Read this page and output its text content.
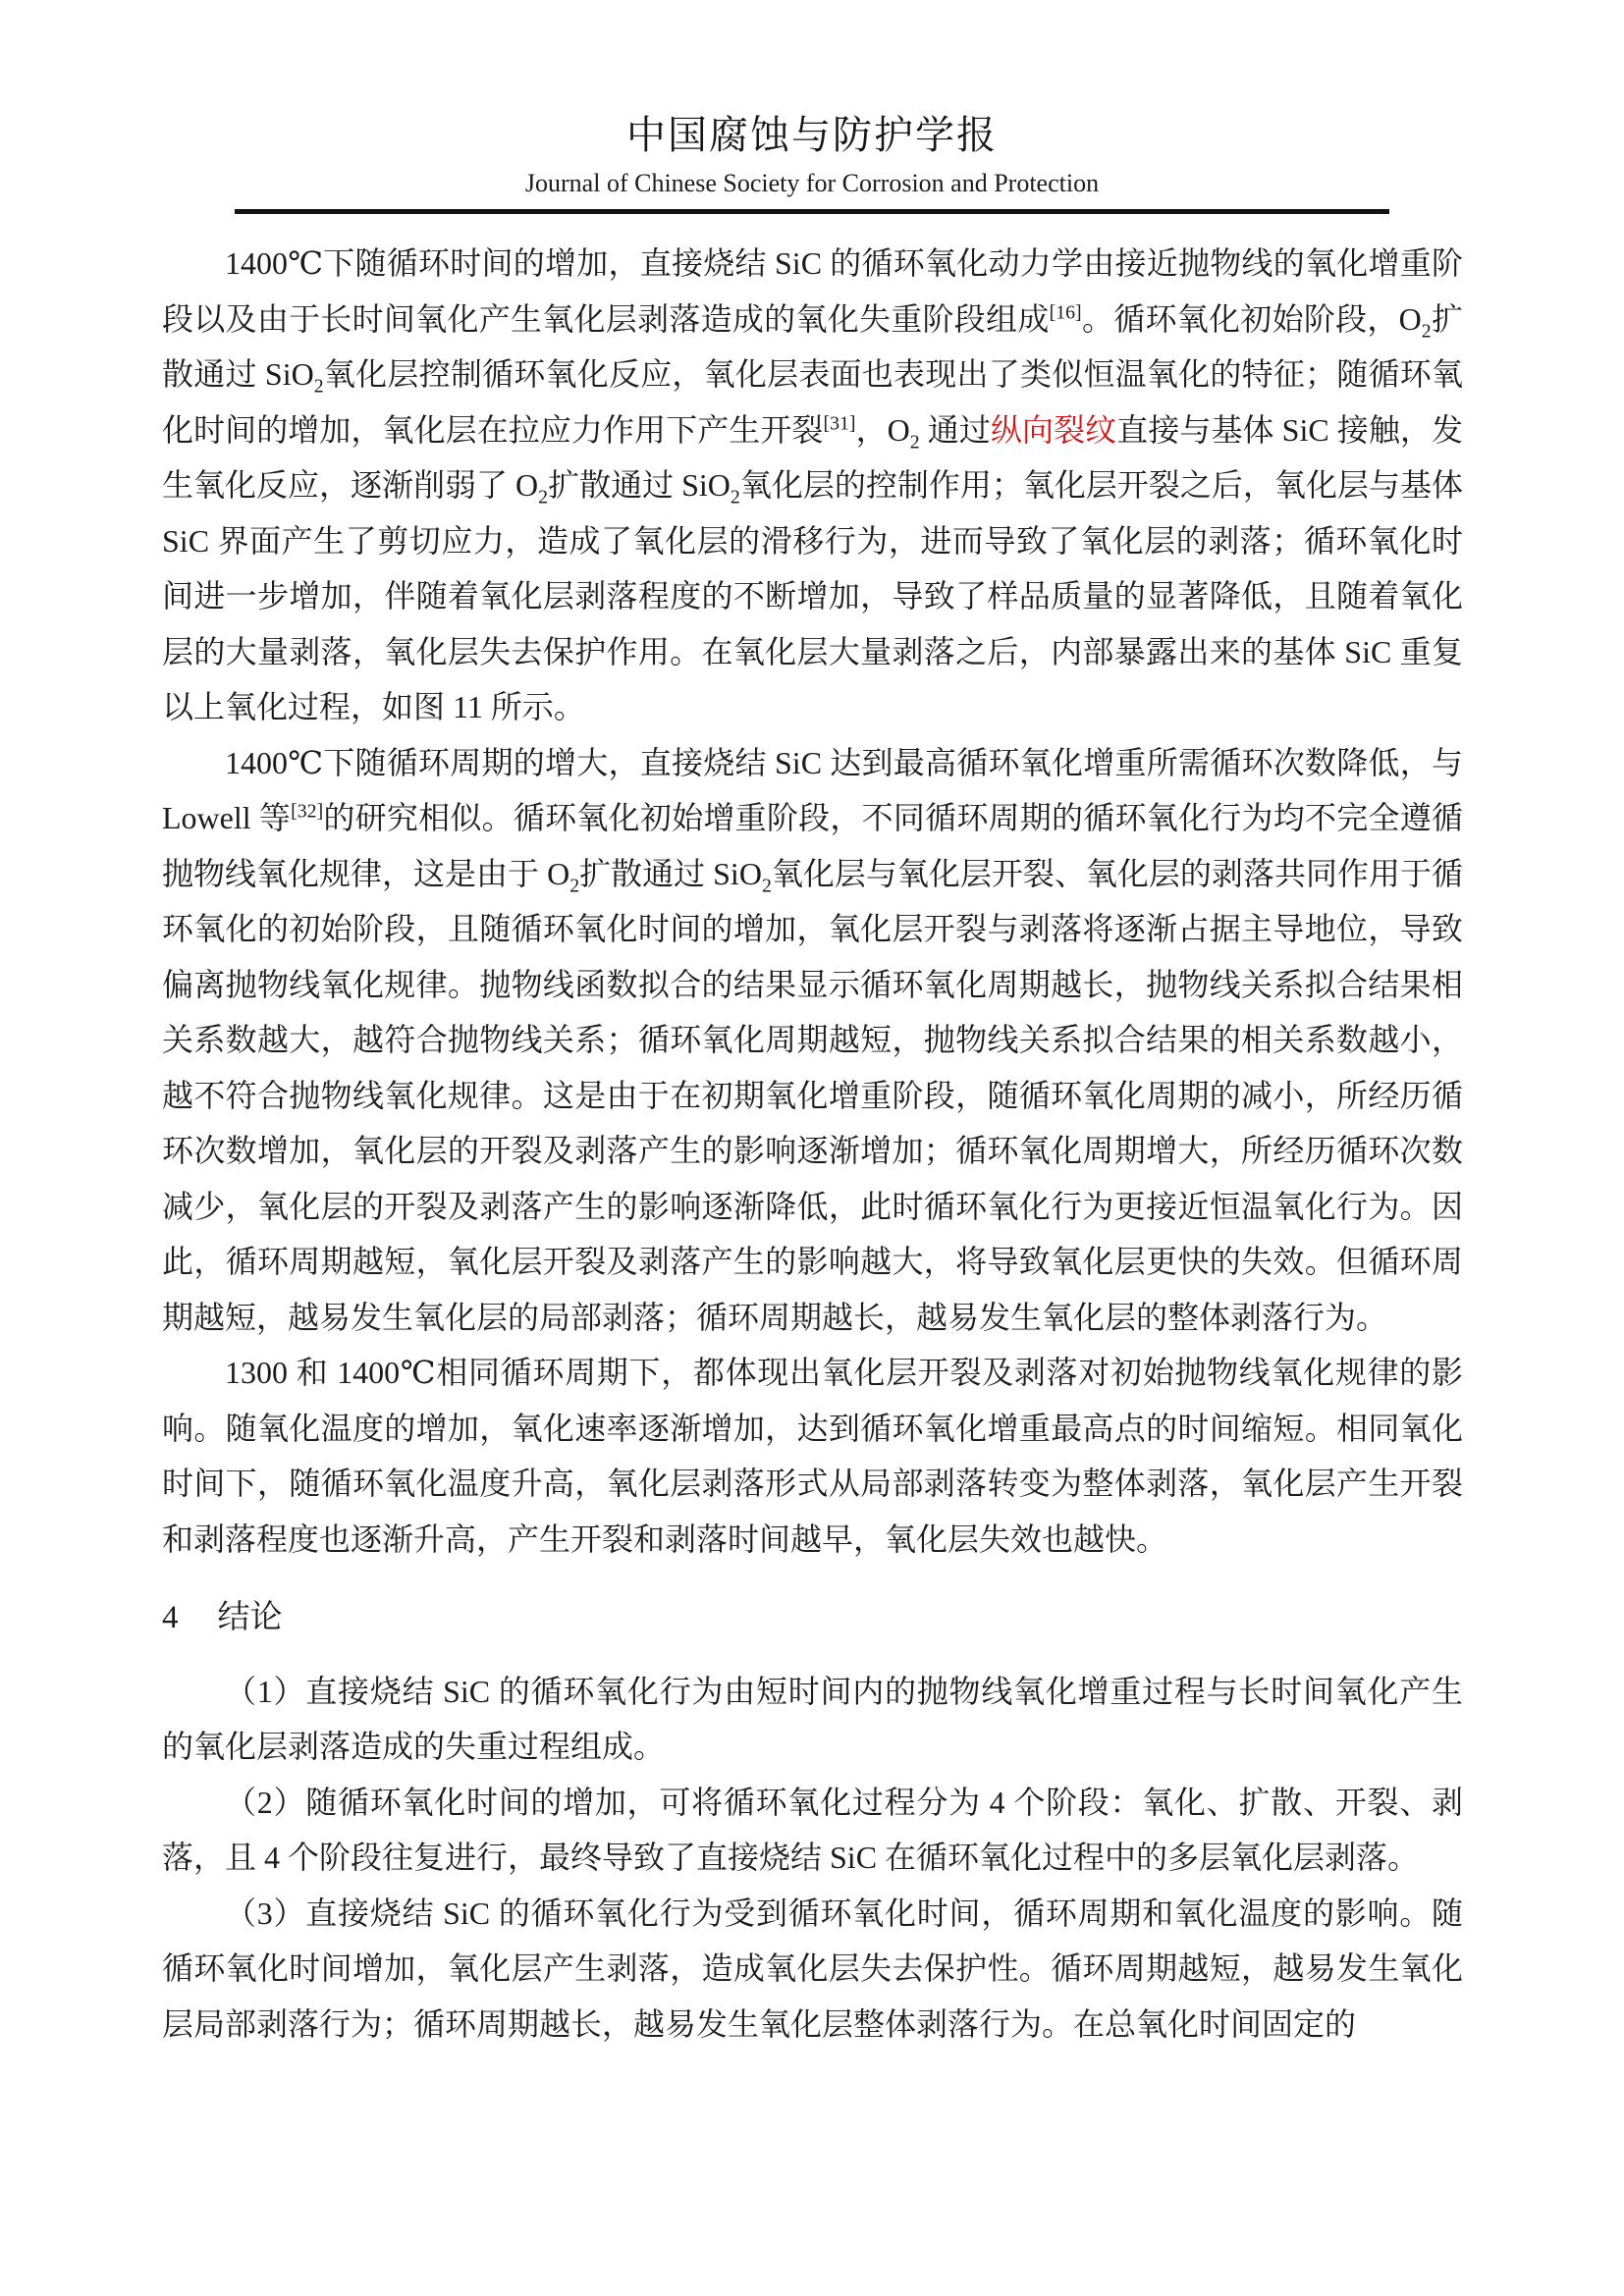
中国腐蚀与防护学报
Journal of Chinese Society for Corrosion and Protection

1400℃下随循环时间的增加，直接烧结 SiC 的循环氧化动力学由接近抛物线的氧化增重阶段以及由于长时间氧化产生氧化层剥落造成的氧化失重阶段组成[16]。循环氧化初始阶段，$O_2$扩散通过 SiO$_2$氧化层控制循环氧化反应，氧化层表面也表现出了类似恒温氧化的特征；随循环氧化时间的增加，氧化层在拉应力作用下产生开裂[31]，$O_2$ 通过纵向裂纹直接与基体 SiC 接触，发生氧化反应，逐渐削弱了 $O_2$扩散通过 SiO$_2$氧化层的控制作用；氧化层开裂之后，氧化层与基体 SiC 界面产生了剪切应力，造成了氧化层的滑移行为，进而导致了氧化层的剥落；循环氧化时间进一步增加，伴随着氧化层剥落程度的不断增加，导致了样品质量的显著降低，且随着氧化层的大量剥落，氧化层失去保护作用。在氧化层大量剥落之后，内部暴露出来的基体 SiC 重复以上氧化过程，如图 11 所示。

1400℃下随循环周期的增大，直接烧结 SiC 达到最高循环氧化增重所需循环次数降低，与 Lowell 等[32]的研究相似。循环氧化初始增重阶段，不同循环周期的循环氧化行为均不完全遵循抛物线氧化规律，这是由于 $O_2$扩散通过 SiO$_2$氧化层与氧化层开裂、氧化层的剥落共同作用于循环氧化的初始阶段，且随循环氧化时间的增加，氧化层开裂与剥落将逐渐占据主导地位，导致偏离抛物线氧化规律。抛物线函数拟合的结果显示循环氧化周期越长，抛物线关系拟合结果相关系数越大，越符合抛物线关系；循环氧化周期越短，抛物线关系拟合结果的相关系数越小，越不符合抛物线氧化规律。这是由于在初期氧化增重阶段，随循环氧化周期的减小，所经历循环次数增加，氧化层的开裂及剥落产生的影响逐渐增加；循环氧化周期增大，所经历循环次数减少，氧化层的开裂及剥落产生的影响逐渐降低，此时循环氧化行为更接近恒温氧化行为。因此，循环周期越短，氧化层开裂及剥落产生的影响越大，将导致氧化层更快的失效。但循环周期越短，越易发生氧化层的局部剥落；循环周期越长，越易发生氧化层的整体剥落行为。

1300 和 1400℃相同循环周期下，都体现出氧化层开裂及剥落对初始抛物线氧化规律的影响。随氧化温度的增加，氧化速率逐渐增加，达到循环氧化增重最高点的时间缩短。相同氧化时间下，随循环氧化温度升高，氧化层剥落形式从局部剥落转变为整体剥落，氧化层产生开裂和剥落程度也逐渐升高，产生开裂和剥落时间越早，氧化层失效也越快。

4 结论

（1）直接烧结 SiC 的循环氧化行为由短时间内的抛物线氧化增重过程与长时间氧化产生的氧化层剥落造成的失重过程组成。

（2）随循环氧化时间的增加，可将循环氧化过程分为 4 个阶段：氧化、扩散、开裂、剥落，且 4 个阶段往复进行，最终导致了直接烧结 SiC 在循环氧化过程中的多层氧化层剥落。

（3）直接烧结 SiC 的循环氧化行为受到循环氧化时间，循环周期和氧化温度的影响。随循环氧化时间增加，氧化层产生剥落，造成氧化层失去保护性。循环周期越短，越易发生氧化层局部剥落行为；循环周期越长，越易发生氧化层整体剥落行为。在总氧化时间固定的
